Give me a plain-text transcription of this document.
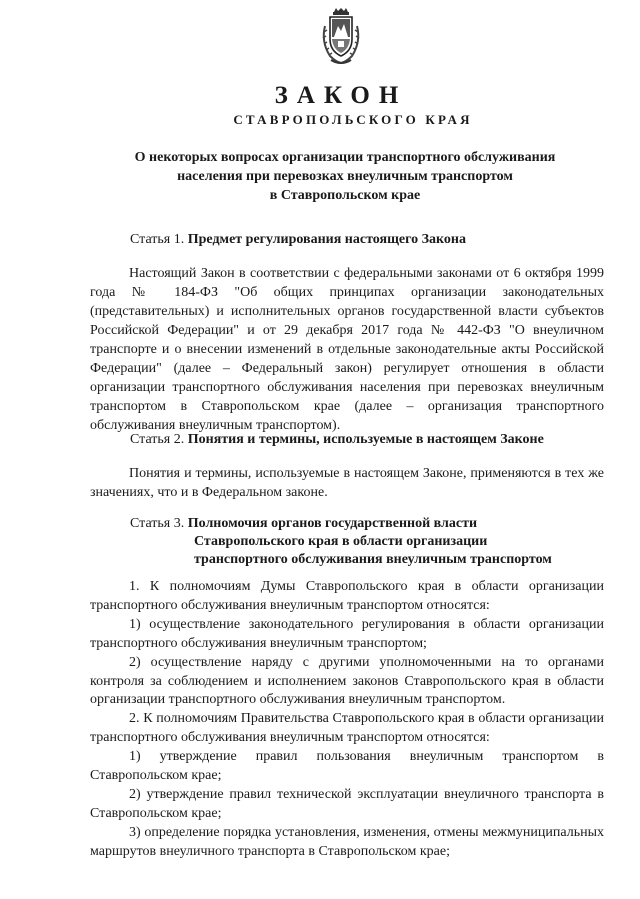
ЗАКОН
СТАВРОПОЛЬСКОГО КРАЯ
О некоторых вопросах организации транспортного обслуживания
населения при перевозках внеуличным транспортом
в Ставропольском крае
Статья 1. Предмет регулирования настоящего Закона

Настоящий Закон в соответствии с федеральными законами от 6 октября 1999 года № 184-ФЗ "Об общих принципах организации законодательных (представительных) и исполнительных органов государственной власти субъектов Российской Федерации" и от 29 декабря 2017 года № 442-ФЗ "О внеуличном транспорте и о внесении изменений в отдельные законодательные акты Российской Федерации" (далее – Федеральный закон) регулирует отношения в области организации транспортного обслуживания населения при перевозках внеуличным транспортом в Ставропольском крае (далее – организация транспортного обслуживания внеуличным транспортом).

Статья 2. Понятия и термины, используемые в настоящем Законе

Понятия и термины, используемые в настоящем Законе, применяются в тех же значениях, что и в Федеральном законе.

Статья 3. Полномочия органов государственной власти
Ставропольского края в области организации
транспортного обслуживания внеуличным транспортом

1. К полномочиям Думы Ставропольского края в области организации транспортного обслуживания внеуличным транспортом относятся:

1) осуществление законодательного регулирования в области организации транспортного обслуживания внеуличным транспортом;

2) осуществление наряду с другими уполномоченными на то органами контроля за соблюдением и исполнением законов Ставропольского края в области организации транспортного обслуживания внеуличным транспортом.

2. К полномочиям Правительства Ставропольского края в области организации транспортного обслуживания внеуличным транспортом относятся:

1) утверждение правил пользования внеуличным транспортом в Ставропольском крае;

2) утверждение правил технической эксплуатации внеуличного транспорта в Ставропольском крае;

3) определение порядка установления, изменения, отмены межмуниципальных маршрутов внеуличного транспорта в Ставропольском крае;
